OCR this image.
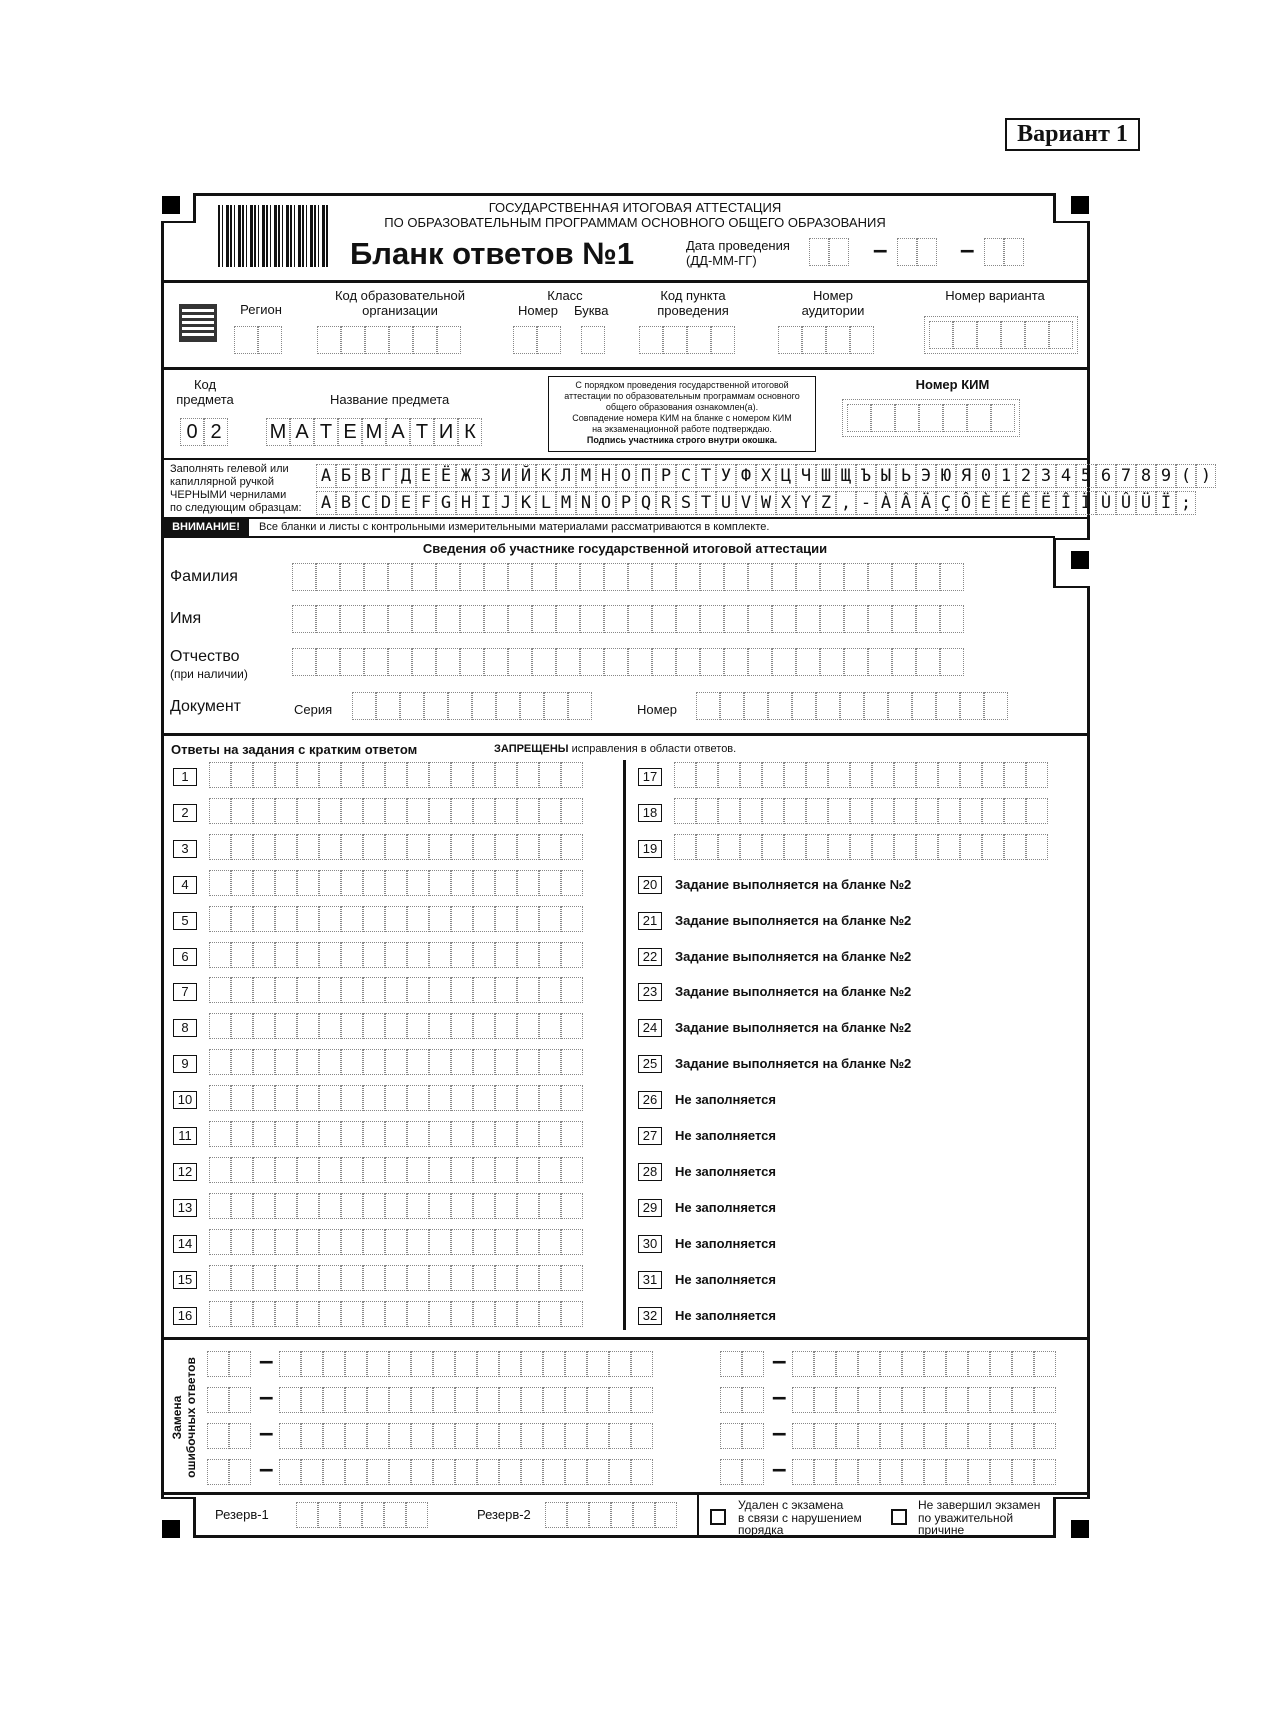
Вариант 1
ГОСУДАРСТВЕННАЯ ИТОГОВАЯ АТТЕСТАЦИЯ
ПО ОБРАЗОВАТЕЛЬНЫМ ПРОГРАММАМ ОСНОВНОГО ОБЩЕГО ОБРАЗОВАНИЯ
Бланк ответов №1	Дата проведения
(ДД-ММ-ГГ)	–	–
Регион
Код образовательной
организации
Класс
Номер Буква
Код пункта
проведения
Номер
аудитории
Номер варианта
Код
предмета
0 2
Название предмета
М А Т Е М А Т И К
С порядком проведения государственной итоговой
аттестации по образовательным программам основного
общего образования ознакомлен(а).
Совпадение номера КИМ на бланке с номером КИМ
на экзаменационной работе подтверждаю.
Подпись участника строго внутри окошка.
Номер КИМ
Заполнять гелевой или
капиллярной ручкой
ЧЕРНЫМИ чернилами
по следующим образцам:
А Б В Г Д Е Ё Ж З И Й К Л М Н О П Р С Т У Ф Х Ц Ч Ш Щ Ъ Ы Ь Э Ю Я 0 1 2 3 4 5 6 7 8 9 ( )
A B C D E F G H I J K L M N O P Q R S T U V W X Y Z , - À Â Ä Ç Ô È É Ê Ë Î Ï Ù Û Ü Ï ;
ВНИМАНИЕ!	Все бланки и листы с контрольными измерительными материалами рассматриваются в комплекте.
Сведения об участнике государственной итоговой аттестации
Фамилия
Имя
Отчество
(при наличии)
Документ	Серия	Номер
Ответы на задания с кратким ответом	ЗАПРЕЩЕНЫ исправления в области ответов.
1
2
3
4
5
6
7
8
9
10
11
12
13
14
15
16
17
18
19
20	Задание выполняется на бланке №2
21	Задание выполняется на бланке №2
22	Задание выполняется на бланке №2
23	Задание выполняется на бланке №2
24	Задание выполняется на бланке №2
25	Задание выполняется на бланке №2
26	Не заполняется
27	Не заполняется
28	Не заполняется
29	Не заполняется
30	Не заполняется
31	Не заполняется
32	Не заполняется
Замена ошибочных ответов –	–
–	–
–	–
–	–
Резерв-1	Резерв-2
Удален с экзамена
в связи с нарушением
порядка
Не завершил экзамен
по уважительной
причине
